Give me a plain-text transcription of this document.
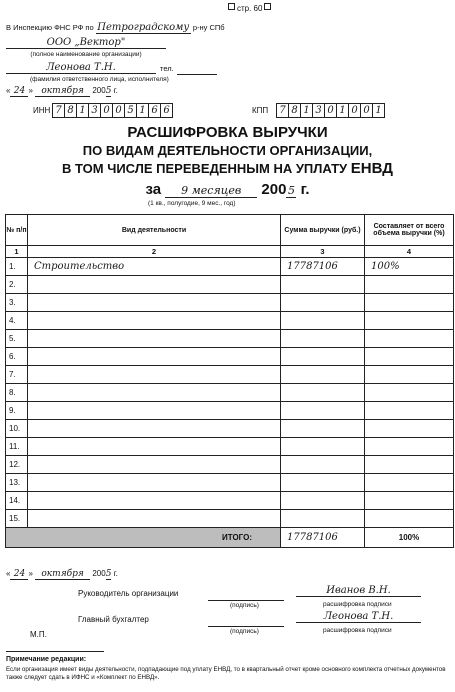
стр. 60
В Инспекцию ФНС РФ по Петроградскому р-ну СПб
ООО „Вектор"
(полное наименование организации)
Леонова Т.Н.	тел.
(фамилия ответственного лица, исполнителя)
« 24 » октября 2005 г.
ИНН 7 8 1 3 0 0 5 1 6 6	КПП 7 8 1 3 0 1 0 0 1
РАСШИФРОВКА ВЫРУЧКИ
ПО ВИДАМ ДЕЯТЕЛЬНОСТИ ОРГАНИЗАЦИИ,
В ТОМ ЧИСЛЕ ПЕРЕВЕДЕННЫМ НА УПЛАТУ ЕНВД
за 9 месяцев 200 5 г.
(1 кв., полугодие, 9 мес., год)
№ п/п	Вид деятельности	Сумма выручки (руб.)	Составляет от всего объема выручки (%)
1	2	3	4
1.	Строительство	17787106	100%
2.			
3.			
4.			
5.			
6.			
7.			
8.			
9.			
10.			
11.			
12.			
13.			
14.			
15.			
ИТОГО:		17787106	100%
« 24 » октября 2005 г.
Руководитель организации
(подпись)
Иванов В.Н.
расшифровка подписи
Главный бухгалтер
(подпись)
Леонова Т.Н.
расшифровка подписи
М.П.
Примечание редакции:
Если организация имеет виды деятельности, подпадающие под уплату ЕНВД, то в квартальный отчет кроме основного комплекта отчетных документов также следует сдать в ИФНС и «Комплект по ЕНВД».
